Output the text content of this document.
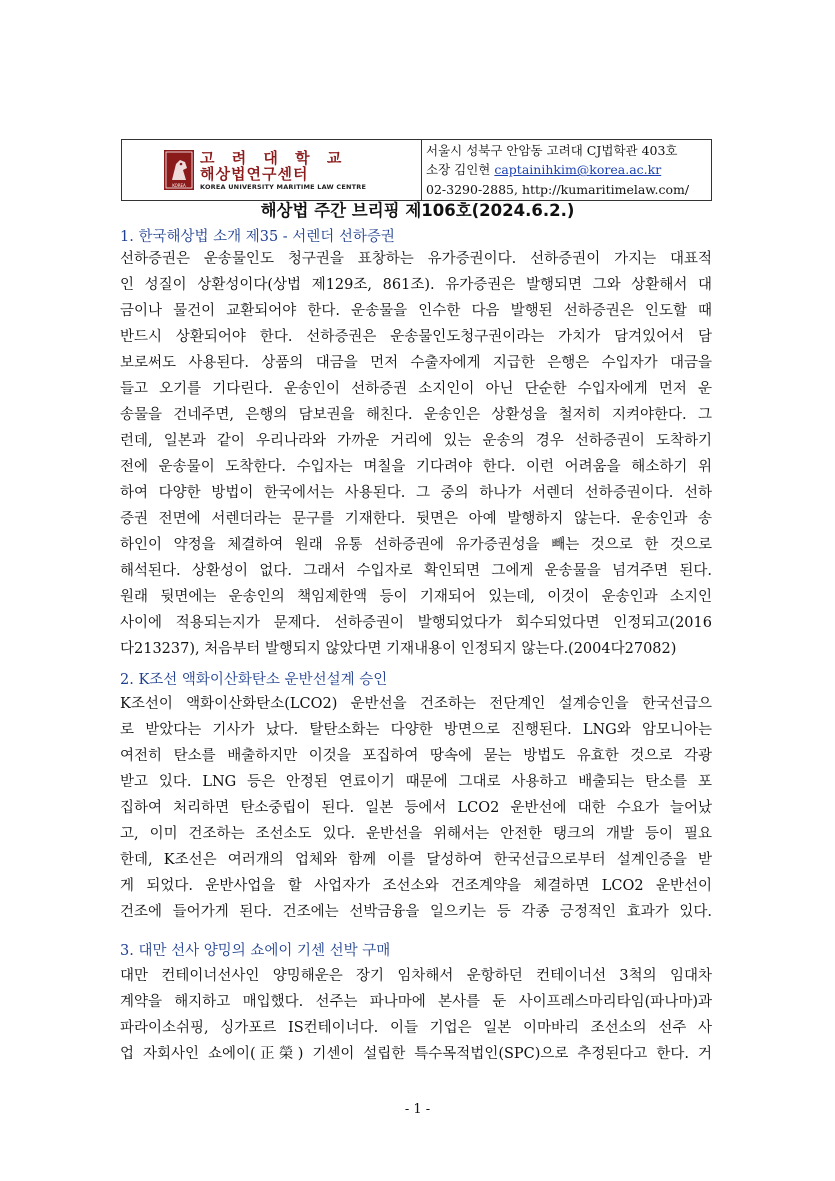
KOREA
고 려 대 학 교
해상법연구센터
KOREA UNIVERSITY MARITIME LAW CENTRE
서울시 성북구 안암동 고려대 CJ법학관 403호
소장 김인현 captainihkim@korea.ac.kr
02-3290-2885, http://kumaritimelaw.com/
해상법 주간 브리핑 제106호(2024.6.2.)
1. 한국해상법 소개 제35 - 서렌더 선하증권
선하증권은 운송물인도 청구권을 표창하는 유가증권이다. 선하증권이 가지는 대표적
인 성질이 상환성이다(상법 제129조, 861조). 유가증권은 발행되면 그와 상환해서 대
금이나 물건이 교환되어야 한다. 운송물을 인수한 다음 발행된 선하증권은 인도할 때
반드시 상환되어야 한다. 선하증권은 운송물인도청구권이라는 가치가 담겨있어서 담
보로써도 사용된다. 상품의 대금을 먼저 수출자에게 지급한 은행은 수입자가 대금을
들고 오기를 기다린다. 운송인이 선하증권 소지인이 아닌 단순한 수입자에게 먼저 운
송물을 건네주면, 은행의 담보권을 해친다. 운송인은 상환성을 철저히 지켜야한다. 그
런데, 일본과 같이 우리나라와 가까운 거리에 있는 운송의 경우 선하증권이 도착하기
전에 운송물이 도착한다. 수입자는 며칠을 기다려야 한다. 이런 어려움을 해소하기 위
하여 다양한 방법이 한국에서는 사용된다. 그 중의 하나가 서렌더 선하증권이다. 선하
증권 전면에 서렌더라는 문구를 기재한다. 뒷면은 아예 발행하지 않는다. 운송인과 송
하인이 약정을 체결하여 원래 유통 선하증권에 유가증권성을 빼는 것으로 한 것으로
해석된다. 상환성이 없다. 그래서 수입자로 확인되면 그에게 운송물을 넘겨주면 된다.
원래 뒷면에는 운송인의 책임제한액 등이 기재되어 있는데, 이것이 운송인과 소지인
사이에 적용되는지가 문제다. 선하증권이 발행되었다가 회수되었다면 인정되고(2016
다213237), 처음부터 발행되지 않았다면 기재내용이 인정되지 않는다.(2004다27082)
2. K조선 액화이산화탄소 운반선설계 승인
K조선이 액화이산화탄소(LCO2) 운반선을 건조하는 전단계인 설계승인을 한국선급으
로 받았다는 기사가 났다. 탈탄소화는 다양한 방면으로 진행된다. LNG와 암모니아는
여전히 탄소를 배출하지만 이것을 포집하여 땅속에 묻는 방법도 유효한 것으로 각광
받고 있다. LNG 등은 안정된 연료이기 때문에 그대로 사용하고 배출되는 탄소를 포
집하여 처리하면 탄소중립이 된다. 일본 등에서 LCO2 운반선에 대한 수요가 늘어났
고, 이미 건조하는 조선소도 있다. 운반선을 위해서는 안전한 탱크의 개발 등이 필요
한데, K조선은 여러개의 업체와 함께 이를 달성하여 한국선급으로부터 설계인증을 받
게 되었다. 운반사업을 할 사업자가 조선소와 건조계약을 체결하면 LCO2 운반선이
건조에 들어가게 된다. 건조에는 선박금융을 일으키는 등 각종 긍정적인 효과가 있다.
3. 대만 선사 양밍의 쇼에이 기센 선박 구매
대만 컨테이너선사인 양밍해운은 장기 임차해서 운항하던 컨테이너선 3척의 임대차
계약을 해지하고 매입했다. 선주는 파나마에 본사를 둔 사이프레스마리타임(파나마)과
파라이소쉬핑, 싱가포르 IS컨테이너다. 이들 기업은 일본 이마바리 조선소의 선주 사
업 자회사인 쇼에이(正榮) 기센이 설립한 특수목적법인(SPC)으로 추정된다고 한다. 거
- 1 -
